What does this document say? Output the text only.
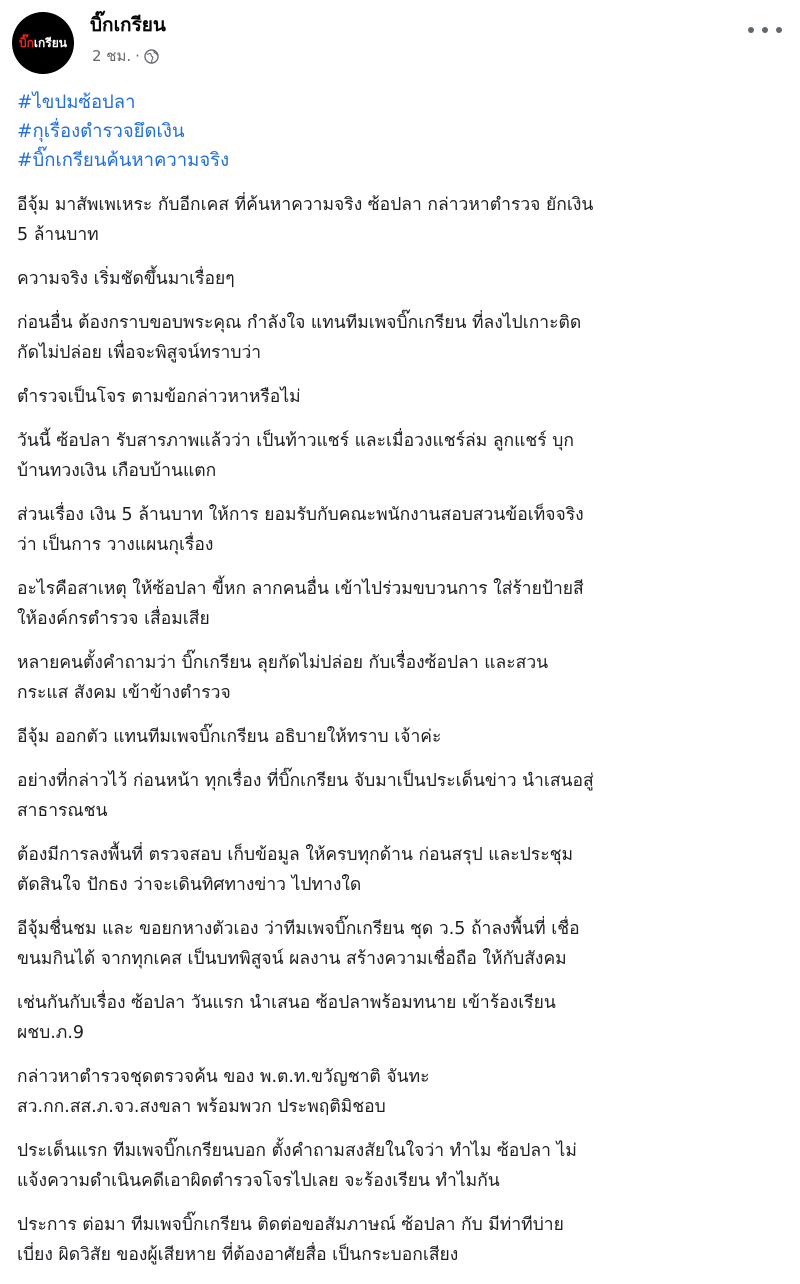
บิ๊กเกรียน
บิ๊กเกรียน
2 ชม. ·
#ไขปมซ้อปลา
#กุเรื่องตำรวจยึดเงิน
#บิ๊กเกรียนค้นหาความจริง

อีจุ้ม มาสัพเพเหระ กับอีกเคส ที่ค้นหาความจริง ซ้อปลา กล่าวหาตำรวจ ยักเงิน
5 ล้านบาท

ความจริง เริ่มชัดขึ้นมาเรื่อยๆ

ก่อนอื่น ต้องกราบขอบพระคุณ กำลังใจ แทนทีมเพจบิ๊กเกรียน ที่ลงไปเกาะติด
กัดไม่ปล่อย เพื่อจะพิสูจน์ทราบว่า

ตำรวจเป็นโจร ตามข้อกล่าวหาหรือไม่

วันนี้ ซ้อปลา รับสารภาพแล้วว่า เป็นท้าวแชร์ และเมื่อวงแชร์ล่ม ลูกแชร์ บุก
บ้านทวงเงิน เกือบบ้านแตก

ส่วนเรื่อง เงิน 5 ล้านบาท ให้การ ยอมรับกับคณะพนักงานสอบสวนข้อเท็จจริง
ว่า เป็นการ วางแผนกุเรื่อง

อะไรคือสาเหตุ ให้ซ้อปลา ขี้หก ลากคนอื่น เข้าไปร่วมขบวนการ ใส่ร้ายป้ายสี
ให้องค์กรตำรวจ เสื่อมเสีย

หลายคนตั้งคำถามว่า บิ๊กเกรียน ลุยกัดไม่ปล่อย กับเรื่องซ้อปลา และสวน
กระแส สังคม เข้าข้างตำรวจ

อีจุ้ม ออกตัว แทนทีมเพจบิ๊กเกรียน อธิบายให้ทราบ เจ้าค่ะ

อย่างที่กล่าวไว้ ก่อนหน้า ทุกเรื่อง ที่บิ๊กเกรียน จับมาเป็นประเด็นข่าว นำเสนอสู่
สาธารณชน

ต้องมีการลงพื้นที่ ตรวจสอบ เก็บข้อมูล ให้ครบทุกด้าน ก่อนสรุป และประชุม
ตัดสินใจ ปักธง ว่าจะเดินทิศทางข่าว ไปทางใด

อีจุ้มชื่นชม และ ขอยกหางตัวเอง ว่าทีมเพจบิ๊กเกรียน ชุด ว.5 ถ้าลงพื้นที่ เชื่อ
ขนมกินได้ จากทุกเคส เป็นบทพิสูจน์ ผลงาน สร้างความเชื่อถือ ให้กับสังคม

เช่นกันกับเรื่อง ซ้อปลา วันแรก นำเสนอ ซ้อปลาพร้อมทนาย เข้าร้องเรียน
ผชบ.ภ.9

กล่าวหาตำรวจชุดตรวจค้น ของ พ.ต.ท.ขวัญชาติ จันทะ
สว.กก.สส.ภ.จว.สงขลา พร้อมพวก ประพฤติมิชอบ

ประเด็นแรก ทีมเพจบิ๊กเกรียนบอก ตั้งคำถามสงสัยในใจว่า ทำไม ซ้อปลา ไม่
แจ้งความดำเนินคดีเอาผิดตำรวจโจรไปเลย จะร้องเรียน ทำไมกัน

ประการ ต่อมา ทีมเพจบิ๊กเกรียน ติดต่อขอสัมภาษณ์ ซ้อปลา กับ มีท่าทีบ่าย
เบี่ยง ผิดวิสัย ของผู้เสียหาย ที่ต้องอาศัยสื่อ เป็นกระบอกเสียง
